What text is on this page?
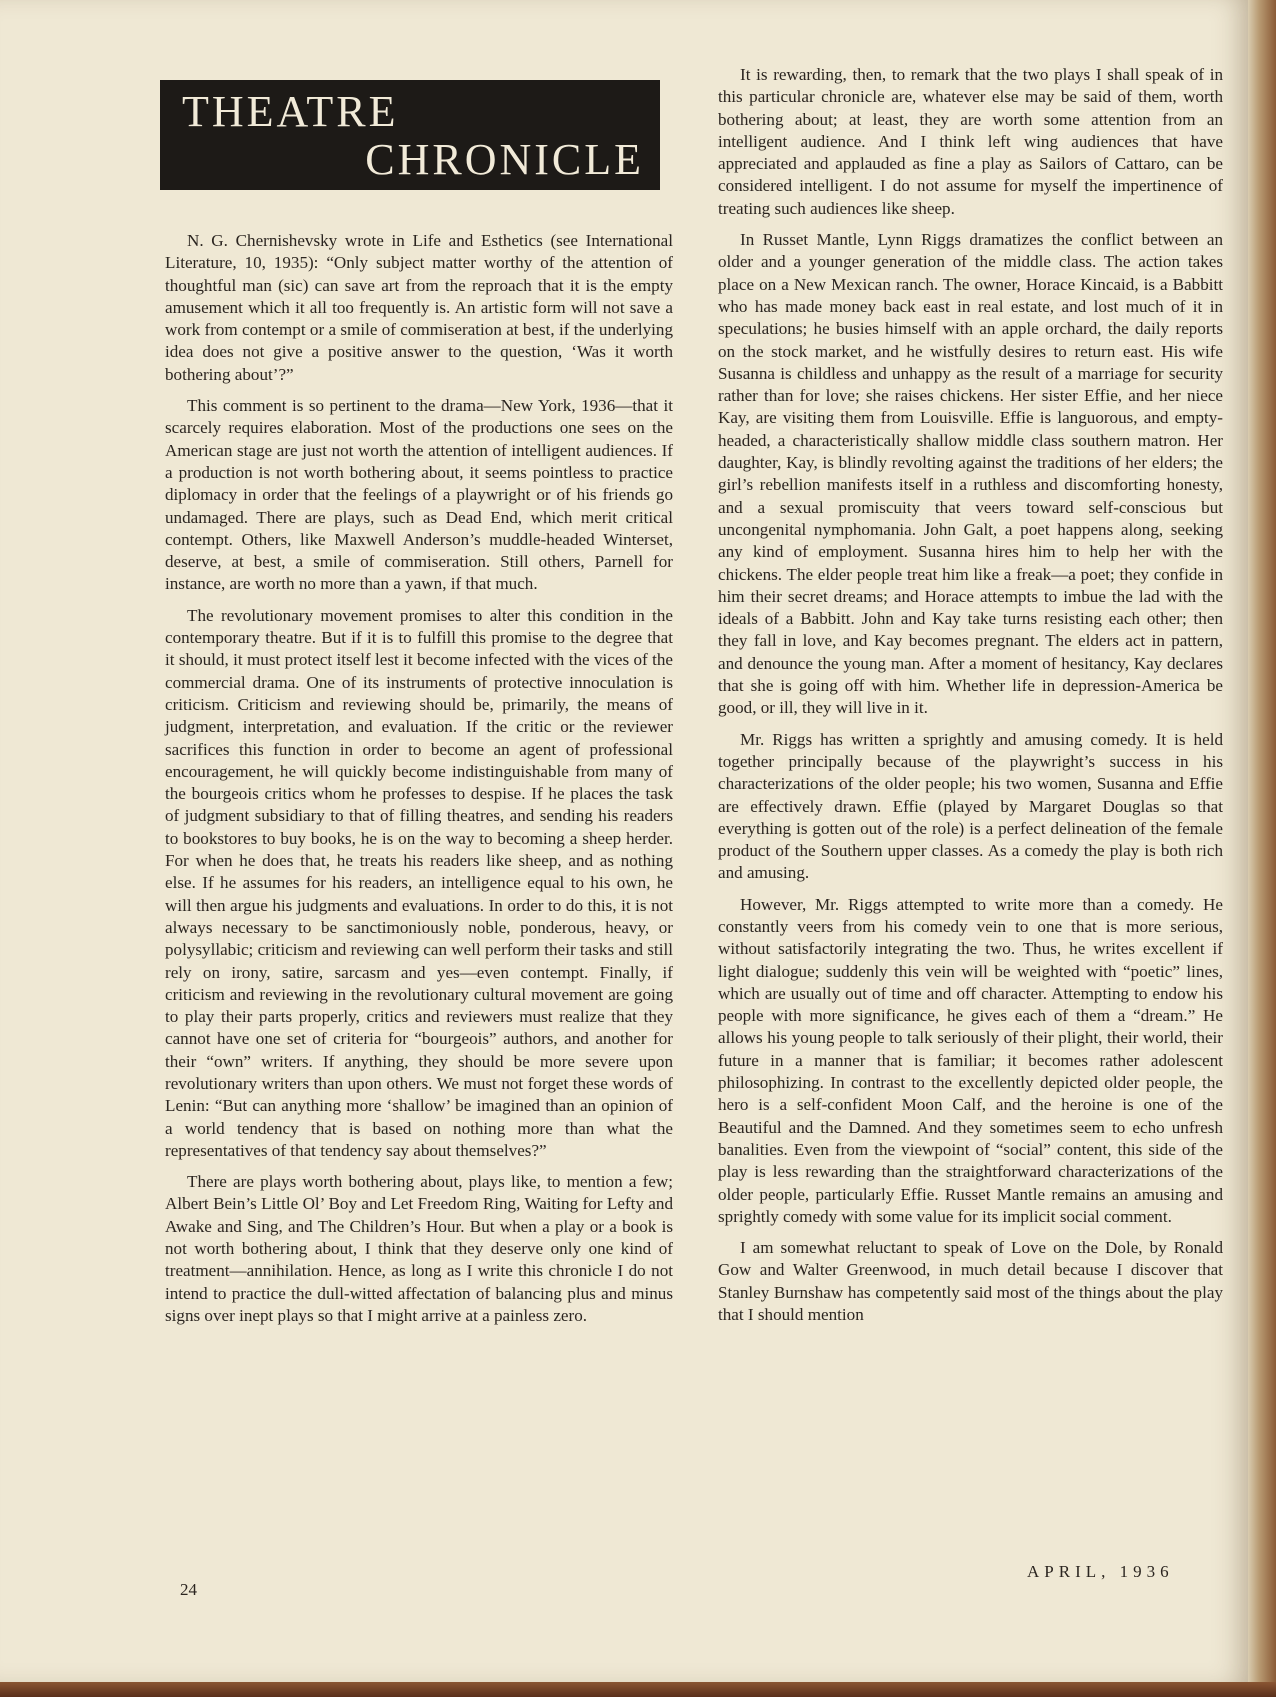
THEATRE
CHRONICLE

N. G. Chernishevsky wrote in Life and Esthetics (see International Literature, 10, 1935): “Only subject matter worthy of the attention of thoughtful man (sic) can save art from the reproach that it is the empty amusement which it all too frequently is. An artistic form will not save a work from contempt or a smile of commiseration at best, if the underlying idea does not give a positive answer to the question, ‘Was it worth bothering about’?”

This comment is so pertinent to the drama—New York, 1936—that it scarcely requires elaboration. Most of the productions one sees on the American stage are just not worth the attention of intelligent audiences. If a production is not worth bothering about, it seems pointless to practice diplomacy in order that the feelings of a playwright or of his friends go undamaged. There are plays, such as Dead End, which merit critical contempt. Others, like Maxwell Anderson’s muddle-headed Winterset, deserve, at best, a smile of commiseration. Still others, Parnell for instance, are worth no more than a yawn, if that much.

The revolutionary movement promises to alter this condition in the contemporary theatre. But if it is to fulfill this promise to the degree that it should, it must protect itself lest it become infected with the vices of the commercial drama. One of its instruments of protective innoculation is criticism. Criticism and reviewing should be, primarily, the means of judgment, interpretation, and evaluation. If the critic or the reviewer sacrifices this function in order to become an agent of professional encouragement, he will quickly become indistinguishable from many of the bourgeois critics whom he professes to despise. If he places the task of judgment subsidiary to that of filling theatres, and sending his readers to bookstores to buy books, he is on the way to becoming a sheep herder. For when he does that, he treats his readers like sheep, and as nothing else. If he assumes for his readers, an intelligence equal to his own, he will then argue his judgments and evaluations. In order to do this, it is not always necessary to be sanctimoniously noble, ponderous, heavy, or polysyllabic; criticism and reviewing can well perform their tasks and still rely on irony, satire, sarcasm and yes—even contempt. Finally, if criticism and reviewing in the revolutionary cultural movement are going to play their parts properly, critics and reviewers must realize that they cannot have one set of criteria for “bourgeois” authors, and another for their “own” writers. If anything, they should be more severe upon revolutionary writers than upon others. We must not forget these words of Lenin: “But can anything more ‘shallow’ be imagined than an opinion of a world tendency that is based on nothing more than what the representatives of that tendency say about themselves?”

There are plays worth bothering about, plays like, to mention a few; Albert Bein’s Little Ol’ Boy and Let Freedom Ring, Waiting for Lefty and Awake and Sing, and The Children’s Hour. But when a play or a book is not worth bothering about, I think that they deserve only one kind of treatment—annihilation. Hence, as long as I write this chronicle I do not intend to practice the dull-witted affectation of balancing plus and minus signs over inept plays so that I might arrive at a painless zero.

It is rewarding, then, to remark that the two plays I shall speak of in this particular chronicle are, whatever else may be said of them, worth bothering about; at least, they are worth some attention from an intelligent audience. And I think left wing audiences that have appreciated and applauded as fine a play as Sailors of Cattaro, can be considered intelligent. I do not assume for myself the impertinence of treating such audiences like sheep.

In Russet Mantle, Lynn Riggs dramatizes the conflict between an older and a younger generation of the middle class. The action takes place on a New Mexican ranch. The owner, Horace Kincaid, is a Babbitt who has made money back east in real estate, and lost much of it in speculations; he busies himself with an apple orchard, the daily reports on the stock market, and he wistfully desires to return east. His wife Susanna is childless and unhappy as the result of a marriage for security rather than for love; she raises chickens. Her sister Effie, and her niece Kay, are visiting them from Louisville. Effie is languorous, and empty-headed, a characteristically shallow middle class southern matron. Her daughter, Kay, is blindly revolting against the traditions of her elders; the girl’s rebellion manifests itself in a ruthless and discomforting honesty, and a sexual promiscuity that veers toward self-conscious but uncongenital nymphomania. John Galt, a poet happens along, seeking any kind of employment. Susanna hires him to help her with the chickens. The elder people treat him like a freak—a poet; they confide in him their secret dreams; and Horace attempts to imbue the lad with the ideals of a Babbitt. John and Kay take turns resisting each other; then they fall in love, and Kay becomes pregnant. The elders act in pattern, and denounce the young man. After a moment of hesitancy, Kay declares that she is going off with him. Whether life in depression-America be good, or ill, they will live in it.

Mr. Riggs has written a sprightly and amusing comedy. It is held together principally because of the playwright’s success in his characterizations of the older people; his two women, Susanna and Effie are effectively drawn. Effie (played by Margaret Douglas so that everything is gotten out of the role) is a perfect delineation of the female product of the Southern upper classes. As a comedy the play is both rich and amusing.

However, Mr. Riggs attempted to write more than a comedy. He constantly veers from his comedy vein to one that is more serious, without satisfactorily integrating the two. Thus, he writes excellent if light dialogue; suddenly this vein will be weighted with “poetic” lines, which are usually out of time and off character. Attempting to endow his people with more significance, he gives each of them a “dream.” He allows his young people to talk seriously of their plight, their world, their future in a manner that is familiar; it becomes rather adolescent philosophizing. In contrast to the excellently depicted older people, the hero is a self-confident Moon Calf, and the heroine is one of the Beautiful and the Damned. And they sometimes seem to echo unfresh banalities. Even from the viewpoint of “social” content, this side of the play is less rewarding than the straightforward characterizations of the older people, particularly Effie. Russet Mantle remains an amusing and sprightly comedy with some value for its implicit social comment.

I am somewhat reluctant to speak of Love on the Dole, by Ronald Gow and Walter Greenwood, in much detail because I discover that Stanley Burnshaw has competently said most of the things about the play that I should mention

24
APRIL, 1936
